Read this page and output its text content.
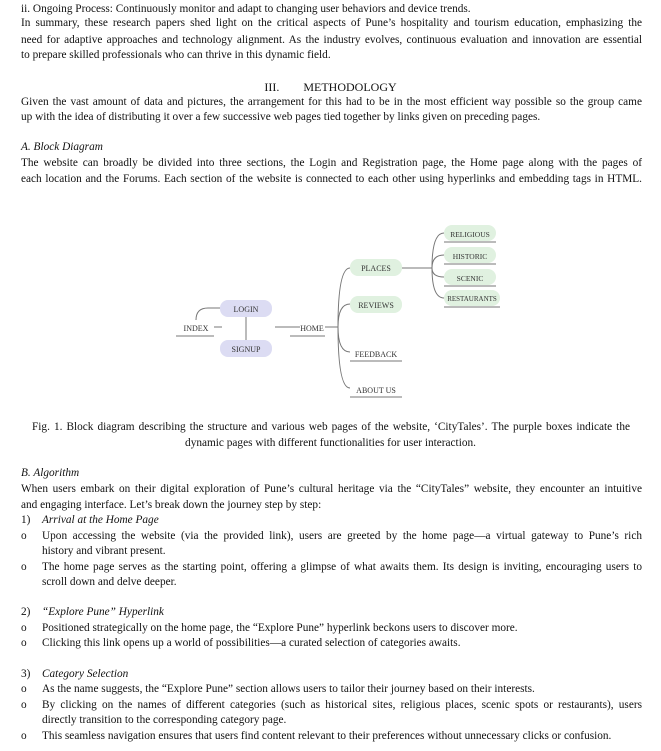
ii. Ongoing Process: Continuously monitor and adapt to changing user behaviors and device trends.
In summary, these research papers shed light on the critical aspects of Pune’s hospitality and tourism education, emphasizing the
need for adaptive approaches and technology alignment. As the industry evolves, continuous evaluation and innovation are essential
to prepare skilled professionals who can thrive in this dynamic field.
III. METHODOLOGY
Given the vast amount of data and pictures, the arrangement for this had to be in the most efficient way possible so the group came
up with the idea of distributing it over a few successive web pages tied together by links given on preceding pages.
A. Block Diagram
The website can broadly be divided into three sections, the Login and Registration page, the Home page along with the pages of
each location and the Forums. Each section of the website is connected to each other using hyperlinks and embedding tags in HTML.
LOGIN
SIGNUP
PLACES
REVIEWS
RELIGIOUS
HISTORIC
SCENIC
RESTAURANTS
INDEX	HOME
FEEDBACK
ABOUT US
Fig. 1. Block diagram describing the structure and various web pages of the website, ‘CityTales’. The purple boxes indicate the
dynamic pages with different functionalities for user interaction.
B. Algorithm
When users embark on their digital exploration of Pune’s cultural heritage via the “CityTales” website, they encounter an intuitive
and engaging interface. Let’s break down the journey step by step:
1) Arrival at the Home Page
o Upon accessing the website (via the provided link), users are greeted by the home page—a virtual gateway to Pune’s rich
history and vibrant present.
o The home page serves as the starting point, offering a glimpse of what awaits them. Its design is inviting, encouraging users to
scroll down and delve deeper.
2) “Explore Pune” Hyperlink
o Positioned strategically on the home page, the “Explore Pune” hyperlink beckons users to discover more.
o Clicking this link opens up a world of possibilities—a curated selection of categories awaits.
3) Category Selection
o As the name suggests, the “Explore Pune” section allows users to tailor their journey based on their interests.
o By clicking on the names of different categories (such as historical sites, religious places, scenic spots or restaurants), users
directly transition to the corresponding category page.
o This seamless navigation ensures that users find content relevant to their preferences without unnecessary clicks or confusion.
